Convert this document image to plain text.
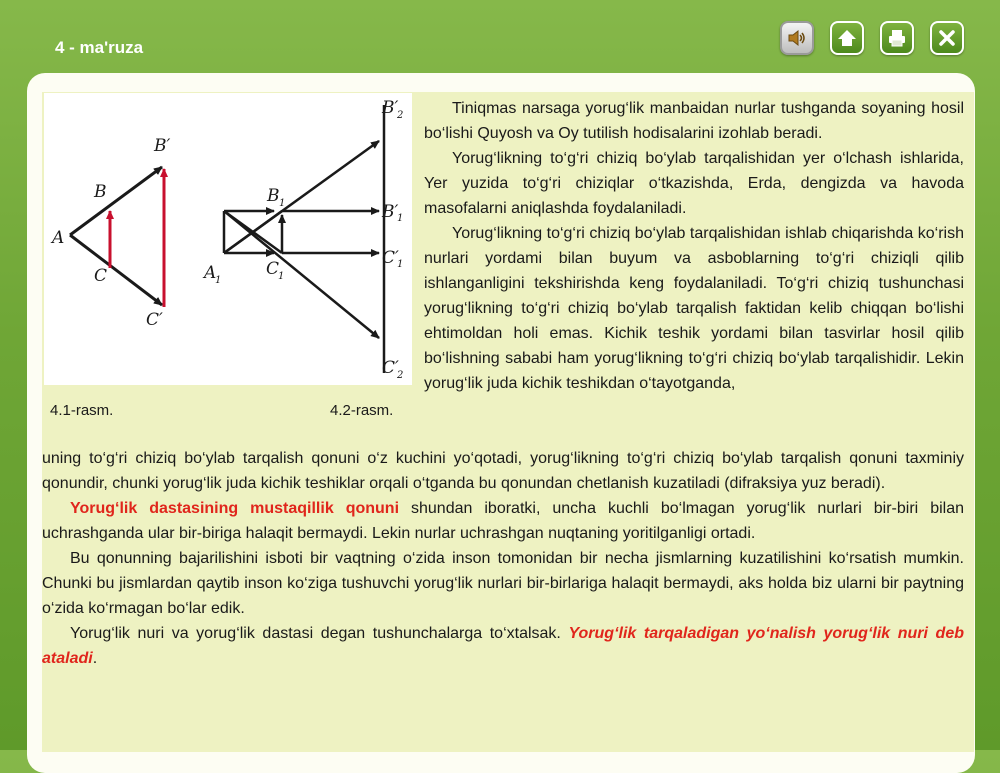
4 - ma'ruza
A
B
C
B′
C′
A
1
B 1
C
1
B′
1
C′
1
B′
2
C′
2
4.1-rasm.	4.2-rasm.

Tiniqmas narsaga yorug‘lik manbaidan nurlar tushganda soyaning hosil bo‘lishi Quyosh va Oy tutilish hodisalarini izohlab beradi.

Yorug‘likning to‘g‘ri chiziq bo‘ylab tarqalishidan yer o‘lchash ishlarida, Yer yuzida to‘g‘ri chiziqlar o‘tkazishda, Erda, dengizda va havoda masofalarni aniqlashda foydalaniladi.

Yorug‘likning to‘g‘ri chiziq bo‘ylab tarqalishidan ishlab chiqarishda ko‘rish nurlari yordami bilan buyum va asboblarning to‘g‘ri chiziqli qilib ishlanganligini tekshirishda keng foydalaniladi. To‘g‘ri chiziq tushunchasi yorug‘likning to‘g‘ri chiziq bo‘ylab tarqalish faktidan kelib chiqqan bo‘lishi ehtimoldan holi emas. Kichik teshik yordami bilan tasvirlar hosil qilib bo‘lishning sababi ham yorug‘likning to‘g‘ri chiziq bo‘ylab tarqalishidir. Lekin yorug‘lik juda kichik teshikdan o‘tayotganda,

uning to‘g‘ri chiziq bo‘ylab tarqalish qonuni o‘z kuchini yo‘qotadi, yorug‘likning to‘g‘ri chiziq bo‘ylab tarqalish qonuni taxminiy qonundir, chunki yorug‘lik juda kichik teshiklar orqali o‘tganda bu qonundan chetlanish kuzatiladi (difraksiya yuz beradi).

Yorug‘lik dastasining mustaqillik qonuni shundan iboratki, uncha kuchli bo‘lmagan yorug‘lik nurlari bir-biri bilan uchrashganda ular bir-biriga halaqit bermaydi. Lekin nurlar uchrashgan nuqtaning yoritilganligi ortadi.

Bu qonunning bajarilishini isboti bir vaqtning o‘zida inson tomonidan bir necha jismlarning kuzatilishini ko‘rsatish mumkin. Chunki bu jismlardan qaytib inson ko‘ziga tushuvchi yorug‘lik nurlari bir-birlariga halaqit bermaydi, aks holda biz ularni bir paytning o‘zida ko‘rmagan bo‘lar edik.

Yorug‘lik nuri va yorug‘lik dastasi degan tushunchalarga to‘xtalsak. Yorug‘lik tarqaladigan yo‘nalish yorug‘lik nuri deb ataladi.
